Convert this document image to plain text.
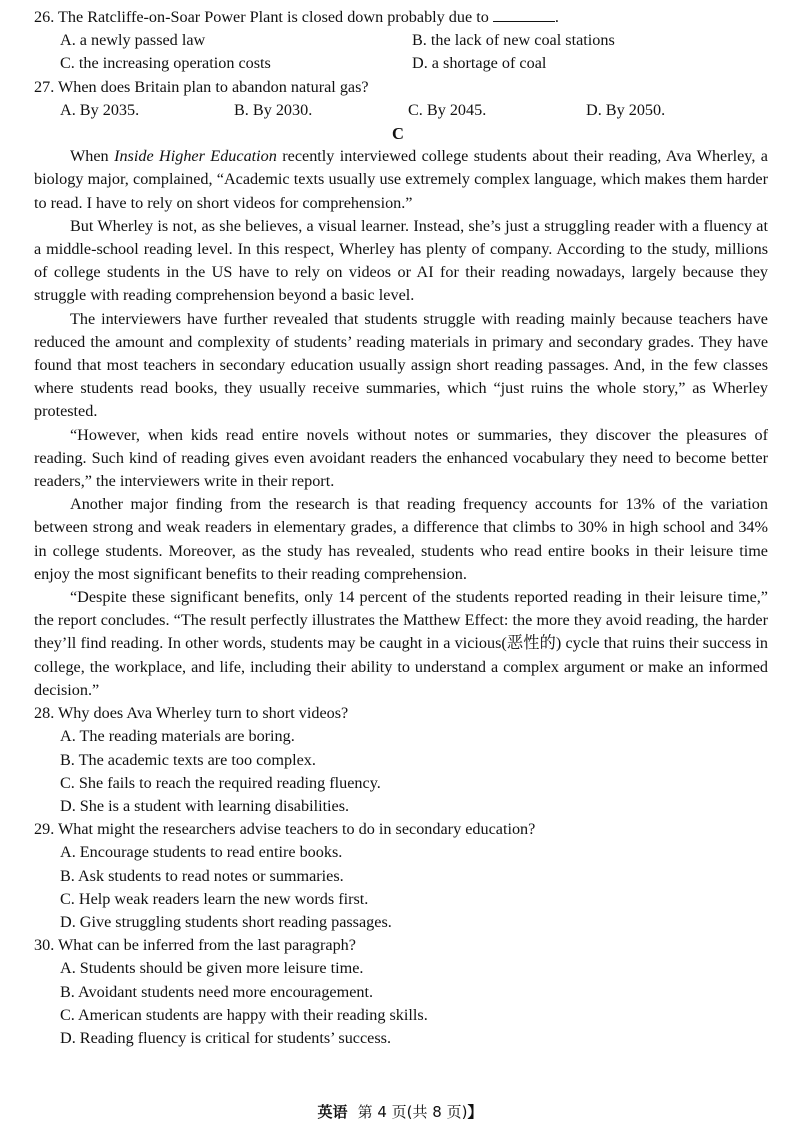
26. The Ratcliffe-on-Soar Power Plant is closed down probably due to	.
A. a newly passed law	B. the lack of new coal stations
C. the increasing operation costs	D. a shortage of coal
27. When does Britain plan to abandon natural gas?
A. By 2035.	B. By 2030.	C. By 2045.	D. By 2050.
C

When Inside Higher Education recently interviewed college students about their reading, Ava Wherley, a biology major, complained, “Academic texts usually use extremely complex language, which makes them harder to read. I have to rely on short videos for comprehension.”

But Wherley is not, as she believes, a visual learner. Instead, she’s just a struggling reader with a fluency at a middle-school reading level. In this respect, Wherley has plenty of company. According to the study, millions of college students in the US have to rely on videos or AI for their reading nowadays, largely because they struggle with reading comprehension beyond a basic level.

The interviewers have further revealed that students struggle with reading mainly because teachers have reduced the amount and complexity of students’ reading materials in primary and secondary grades. They have found that most teachers in secondary education usually assign short reading passages. And, in the few classes where students read books, they usually receive summaries, which “just ruins the whole story,” as Wherley protested.

“However, when kids read entire novels without notes or summaries, they discover the pleasures of reading. Such kind of reading gives even avoidant readers the enhanced vocabulary they need to become better readers,” the interviewers write in their report.

Another major finding from the research is that reading frequency accounts for 13% of the variation between strong and weak readers in elementary grades, a difference that climbs to 30% in high school and 34% in college students. Moreover, as the study has revealed, students who read entire books in their leisure time enjoy the most significant benefits to their reading comprehension.

“Despite these significant benefits, only 14 percent of the students reported reading in their leisure time,” the report concludes. “The result perfectly illustrates the Matthew Effect: the more they avoid reading, the harder they’ll find reading. In other words, students may be caught in a vicious(恶性的) cycle that ruins their success in college, the workplace, and life, including their ability to understand a complex argument or make an informed decision.”

28. Why does Ava Wherley turn to short videos?
A. The reading materials are boring.
B. The academic texts are too complex.
C. She fails to reach the required reading fluency.
D. She is a student with learning disabilities.
29. What might the researchers advise teachers to do in secondary education?
A. Encourage students to read entire books.
B. Ask students to read notes or summaries.
C. Help weak readers learn the new words first.
D. Give struggling students short reading passages.
30. What can be inferred from the last paragraph?
A. Students should be given more leisure time.
B. Avoidant students need more encouragement.
C. American students are happy with their reading skills.
D. Reading fluency is critical for students’ success.
英语 第 4 页(共 8 页)】
